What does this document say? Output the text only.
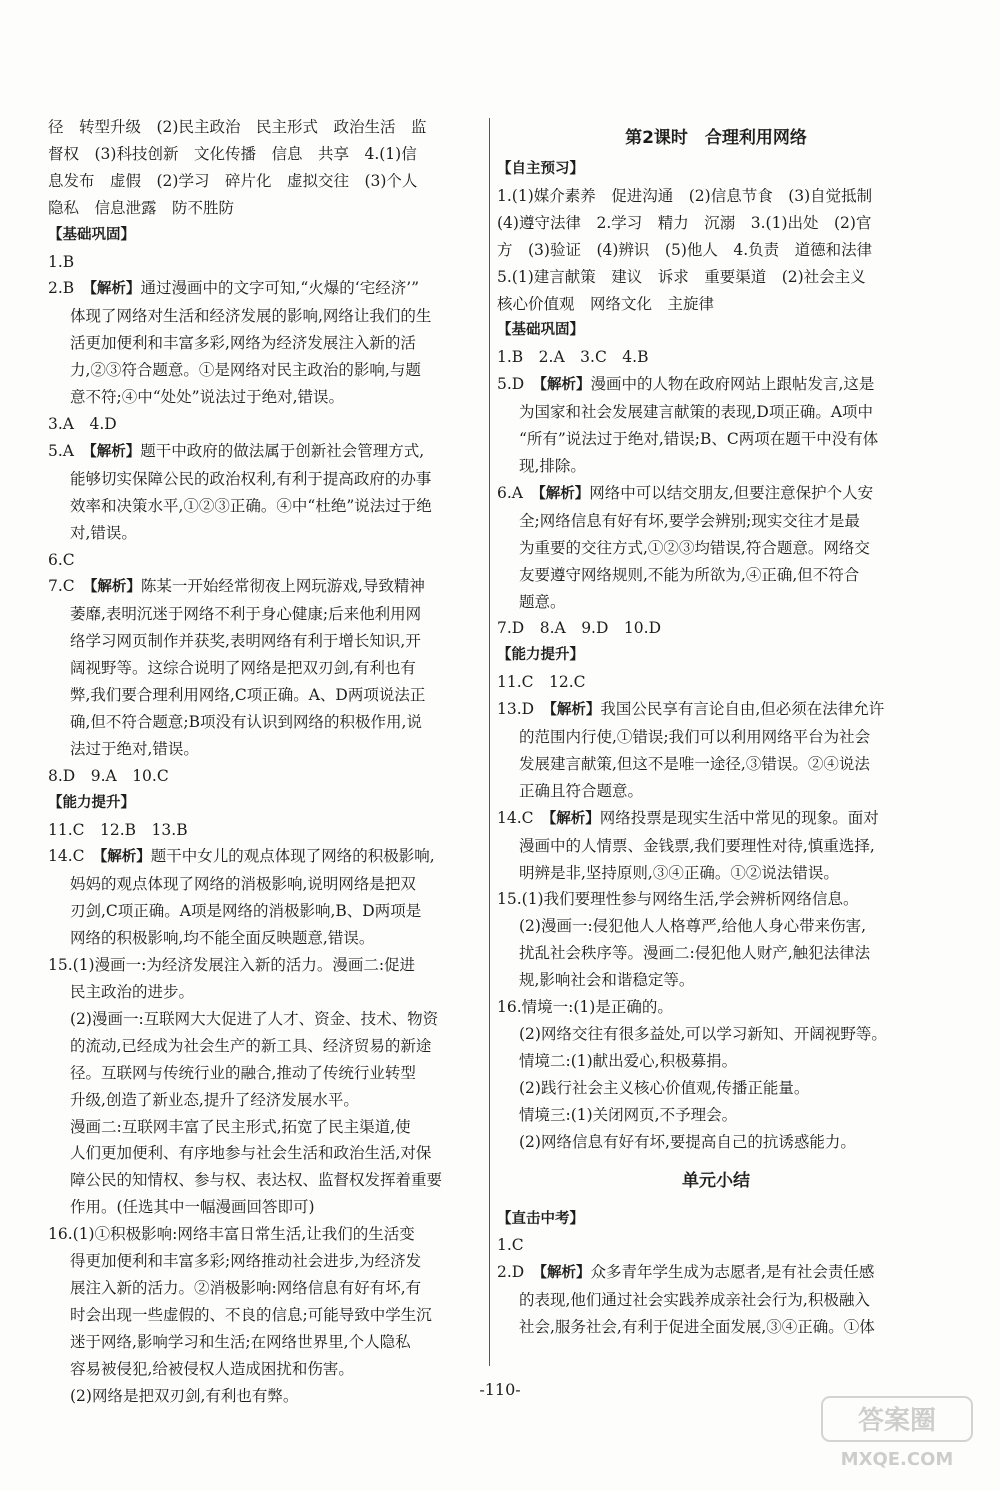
径　转型升级　(2)民主政治　民主形式　政治生活　监
督权　(3)科技创新　文化传播　信息　共享　4.(1)信
息发布　虚假　(2)学习　碎片化　虚拟交往　(3)个人
隐私　信息泄露　防不胜防
【基础巩固】
1.B
2.B　【解析】通过漫画中的文字可知,“火爆的‘宅经济’”
体现了网络对生活和经济发展的影响,网络让我们的生
活更加便利和丰富多彩,网络为经济发展注入新的活
力,②③符合题意。①是网络对民主政治的影响,与题
意不符;④中“处处”说法过于绝对,错误。
3.A　4.D
5.A　【解析】题干中政府的做法属于创新社会管理方式,
能够切实保障公民的政治权利,有利于提高政府的办事
效率和决策水平,①②③正确。④中“杜绝”说法过于绝
对,错误。
6.C
7.C　【解析】陈某一开始经常彻夜上网玩游戏,导致精神
萎靡,表明沉迷于网络不利于身心健康;后来他利用网
络学习网页制作并获奖,表明网络有利于增长知识,开
阔视野等。这综合说明了网络是把双刃剑,有利也有
弊,我们要合理利用网络,C项正确。A、D两项说法正
确,但不符合题意;B项没有认识到网络的积极作用,说
法过于绝对,错误。
8.D　9.A　10.C
【能力提升】
11.C　12.B　13.B
14.C　【解析】题干中女儿的观点体现了网络的积极影响,
妈妈的观点体现了网络的消极影响,说明网络是把双
刃剑,C项正确。A项是网络的消极影响,B、D两项是
网络的积极影响,均不能全面反映题意,错误。
15.(1)漫画一:为经济发展注入新的活力。漫画二:促进
民主政治的进步。
(2)漫画一:互联网大大促进了人才、资金、技术、物资
的流动,已经成为社会生产的新工具、经济贸易的新途
径。互联网与传统行业的融合,推动了传统行业转型
升级,创造了新业态,提升了经济发展水平。
漫画二:互联网丰富了民主形式,拓宽了民主渠道,使
人们更加便利、有序地参与社会生活和政治生活,对保
障公民的知情权、参与权、表达权、监督权发挥着重要
作用。(任选其中一幅漫画回答即可)
16.(1)①积极影响:网络丰富日常生活,让我们的生活变
得更加便利和丰富多彩;网络推动社会进步,为经济发
展注入新的活力。②消极影响:网络信息有好有坏,有
时会出现一些虚假的、不良的信息;可能导致中学生沉
迷于网络,影响学习和生活;在网络世界里,个人隐私
容易被侵犯,给被侵权人造成困扰和伤害。
(2)网络是把双刃剑,有利也有弊。
第2课时　合理利用网络
【自主预习】
1.(1)媒介素养　促进沟通　(2)信息节食　(3)自觉抵制
(4)遵守法律　2.学习　精力　沉溺　3.(1)出处　(2)官
方　(3)验证　(4)辨识　(5)他人　4.负责　道德和法律
5.(1)建言献策　建议　诉求　重要渠道　(2)社会主义
核心价值观　网络文化　主旋律
【基础巩固】
1.B　2.A　3.C　4.B
5.D　【解析】漫画中的人物在政府网站上跟帖发言,这是
为国家和社会发展建言献策的表现,D项正确。A项中
“所有”说法过于绝对,错误;B、C两项在题干中没有体
现,排除。
6.A　【解析】网络中可以结交朋友,但要注意保护个人安
全;网络信息有好有坏,要学会辨别;现实交往才是最
为重要的交往方式,①②③均错误,符合题意。网络交
友要遵守网络规则,不能为所欲为,④正确,但不符合
题意。
7.D　8.A　9.D　10.D
【能力提升】
11.C　12.C
13.D　【解析】我国公民享有言论自由,但必须在法律允许
的范围内行使,①错误;我们可以利用网络平台为社会
发展建言献策,但这不是唯一途径,③错误。②④说法
正确且符合题意。
14.C　【解析】网络投票是现实生活中常见的现象。面对
漫画中的人情票、金钱票,我们要理性对待,慎重选择,
明辨是非,坚持原则,③④正确。①②说法错误。
15.(1)我们要理性参与网络生活,学会辨析网络信息。
(2)漫画一:侵犯他人人格尊严,给他人身心带来伤害,
扰乱社会秩序等。漫画二:侵犯他人财产,触犯法律法
规,影响社会和谐稳定等。
16.情境一:(1)是正确的。
(2)网络交往有很多益处,可以学习新知、开阔视野等。
情境二:(1)献出爱心,积极募捐。
(2)践行社会主义核心价值观,传播正能量。
情境三:(1)关闭网页,不予理会。
(2)网络信息有好有坏,要提高自己的抗诱惑能力。
单元小结
【直击中考】
1.C
2.D　【解析】众多青年学生成为志愿者,是有社会责任感
的表现,他们通过社会实践养成亲社会行为,积极融入
社会,服务社会,有利于促进全面发展,③④正确。①体
-110-
答案圈
MXQE.COM
